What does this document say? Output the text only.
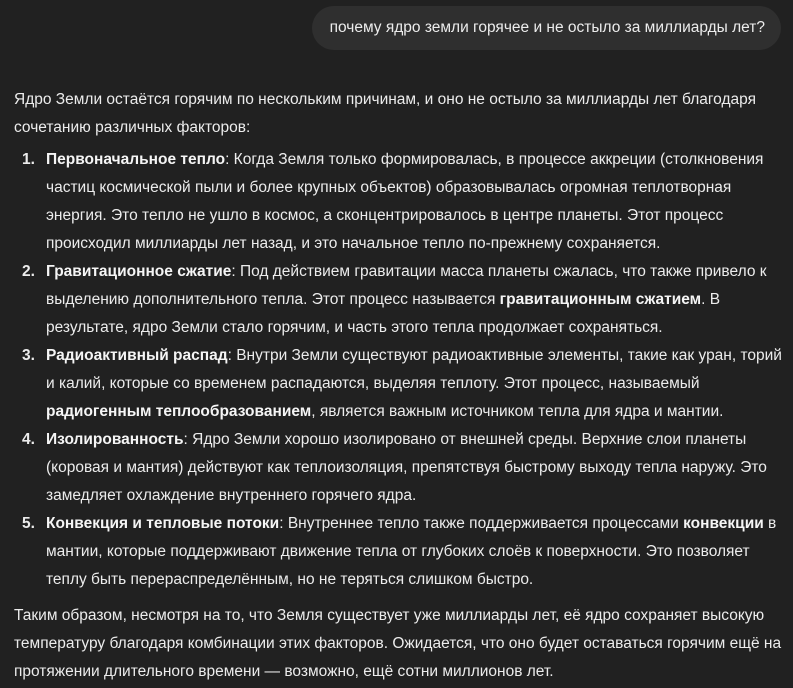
почему ядро земли горячее и не остыло за миллиарды лет?

Ядро Земли остаётся горячим по нескольким причинам, и оно не остыло за миллиарды лет благодаря сочетанию различных факторов:

1. Первоначальное тепло: Когда Земля только формировалась, в процессе аккреции (столкновения частиц космической пыли и более крупных объектов) образовывалась огромная теплотворная энергия. Это тепло не ушло в космос, а сконцентрировалось в центре планеты. Этот процесс происходил миллиарды лет назад, и это начальное тепло по-прежнему сохраняется.
2. Гравитационное сжатие: Под действием гравитации масса планеты сжалась, что также привело к выделению дополнительного тепла. Этот процесс называется гравитационным сжатием. В результате, ядро Земли стало горячим, и часть этого тепла продолжает сохраняться.
3. Радиоактивный распад: Внутри Земли существуют радиоактивные элементы, такие как уран, торий и калий, которые со временем распадаются, выделяя теплоту. Этот процесс, называемый радиогенным теплообразованием, является важным источником тепла для ядра и мантии.
4. Изолированность: Ядро Земли хорошо изолировано от внешней среды. Верхние слои планеты (коровая и мантия) действуют как теплоизоляция, препятствуя быстрому выходу тепла наружу. Это замедляет охлаждение внутреннего горячего ядра.
5. Конвекция и тепловые потоки: Внутреннее тепло также поддерживается процессами конвекции в мантии, которые поддерживают движение тепла от глубоких слоёв к поверхности. Это позволяет теплу быть перераспределённым, но не теряться слишком быстро.

Таким образом, несмотря на то, что Земля существует уже миллиарды лет, её ядро сохраняет высокую температуру благодаря комбинации этих факторов. Ожидается, что оно будет оставаться горячим ещё на протяжении длительного времени — возможно, ещё сотни миллионов лет.
